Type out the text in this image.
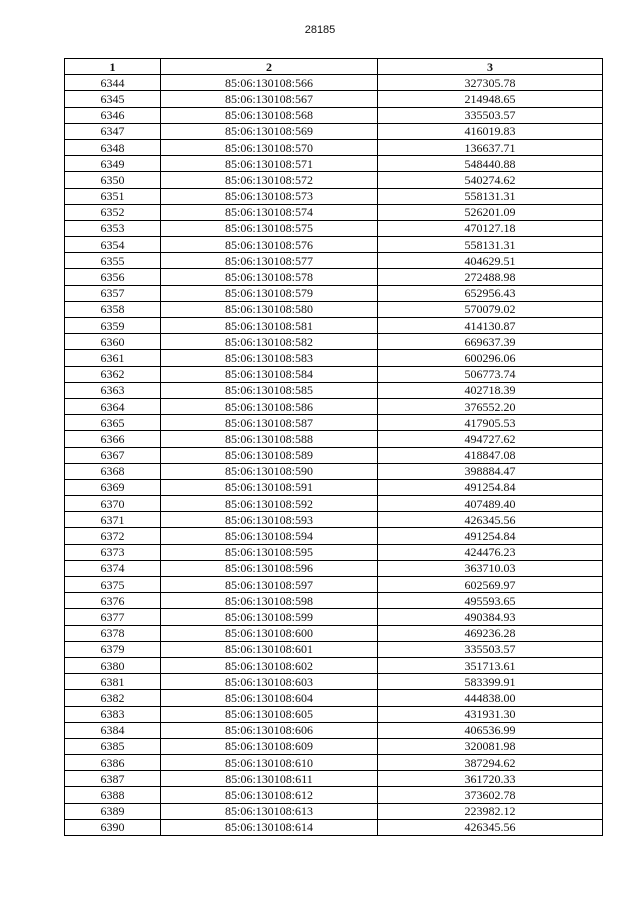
28185
1	2	3
6344	85:06:130108:566	327305.78
6345	85:06:130108:567	214948.65
6346	85:06:130108:568	335503.57
6347	85:06:130108:569	416019.83
6348	85:06:130108:570	136637.71
6349	85:06:130108:571	548440.88
6350	85:06:130108:572	540274.62
6351	85:06:130108:573	558131.31
6352	85:06:130108:574	526201.09
6353	85:06:130108:575	470127.18
6354	85:06:130108:576	558131.31
6355	85:06:130108:577	404629.51
6356	85:06:130108:578	272488.98
6357	85:06:130108:579	652956.43
6358	85:06:130108:580	570079.02
6359	85:06:130108:581	414130.87
6360	85:06:130108:582	669637.39
6361	85:06:130108:583	600296.06
6362	85:06:130108:584	506773.74
6363	85:06:130108:585	402718.39
6364	85:06:130108:586	376552.20
6365	85:06:130108:587	417905.53
6366	85:06:130108:588	494727.62
6367	85:06:130108:589	418847.08
6368	85:06:130108:590	398884.47
6369	85:06:130108:591	491254.84
6370	85:06:130108:592	407489.40
6371	85:06:130108:593	426345.56
6372	85:06:130108:594	491254.84
6373	85:06:130108:595	424476.23
6374	85:06:130108:596	363710.03
6375	85:06:130108:597	602569.97
6376	85:06:130108:598	495593.65
6377	85:06:130108:599	490384.93
6378	85:06:130108:600	469236.28
6379	85:06:130108:601	335503.57
6380	85:06:130108:602	351713.61
6381	85:06:130108:603	583399.91
6382	85:06:130108:604	444838.00
6383	85:06:130108:605	431931.30
6384	85:06:130108:606	406536.99
6385	85:06:130108:609	320081.98
6386	85:06:130108:610	387294.62
6387	85:06:130108:611	361720.33
6388	85:06:130108:612	373602.78
6389	85:06:130108:613	223982.12
6390	85:06:130108:614	426345.56
